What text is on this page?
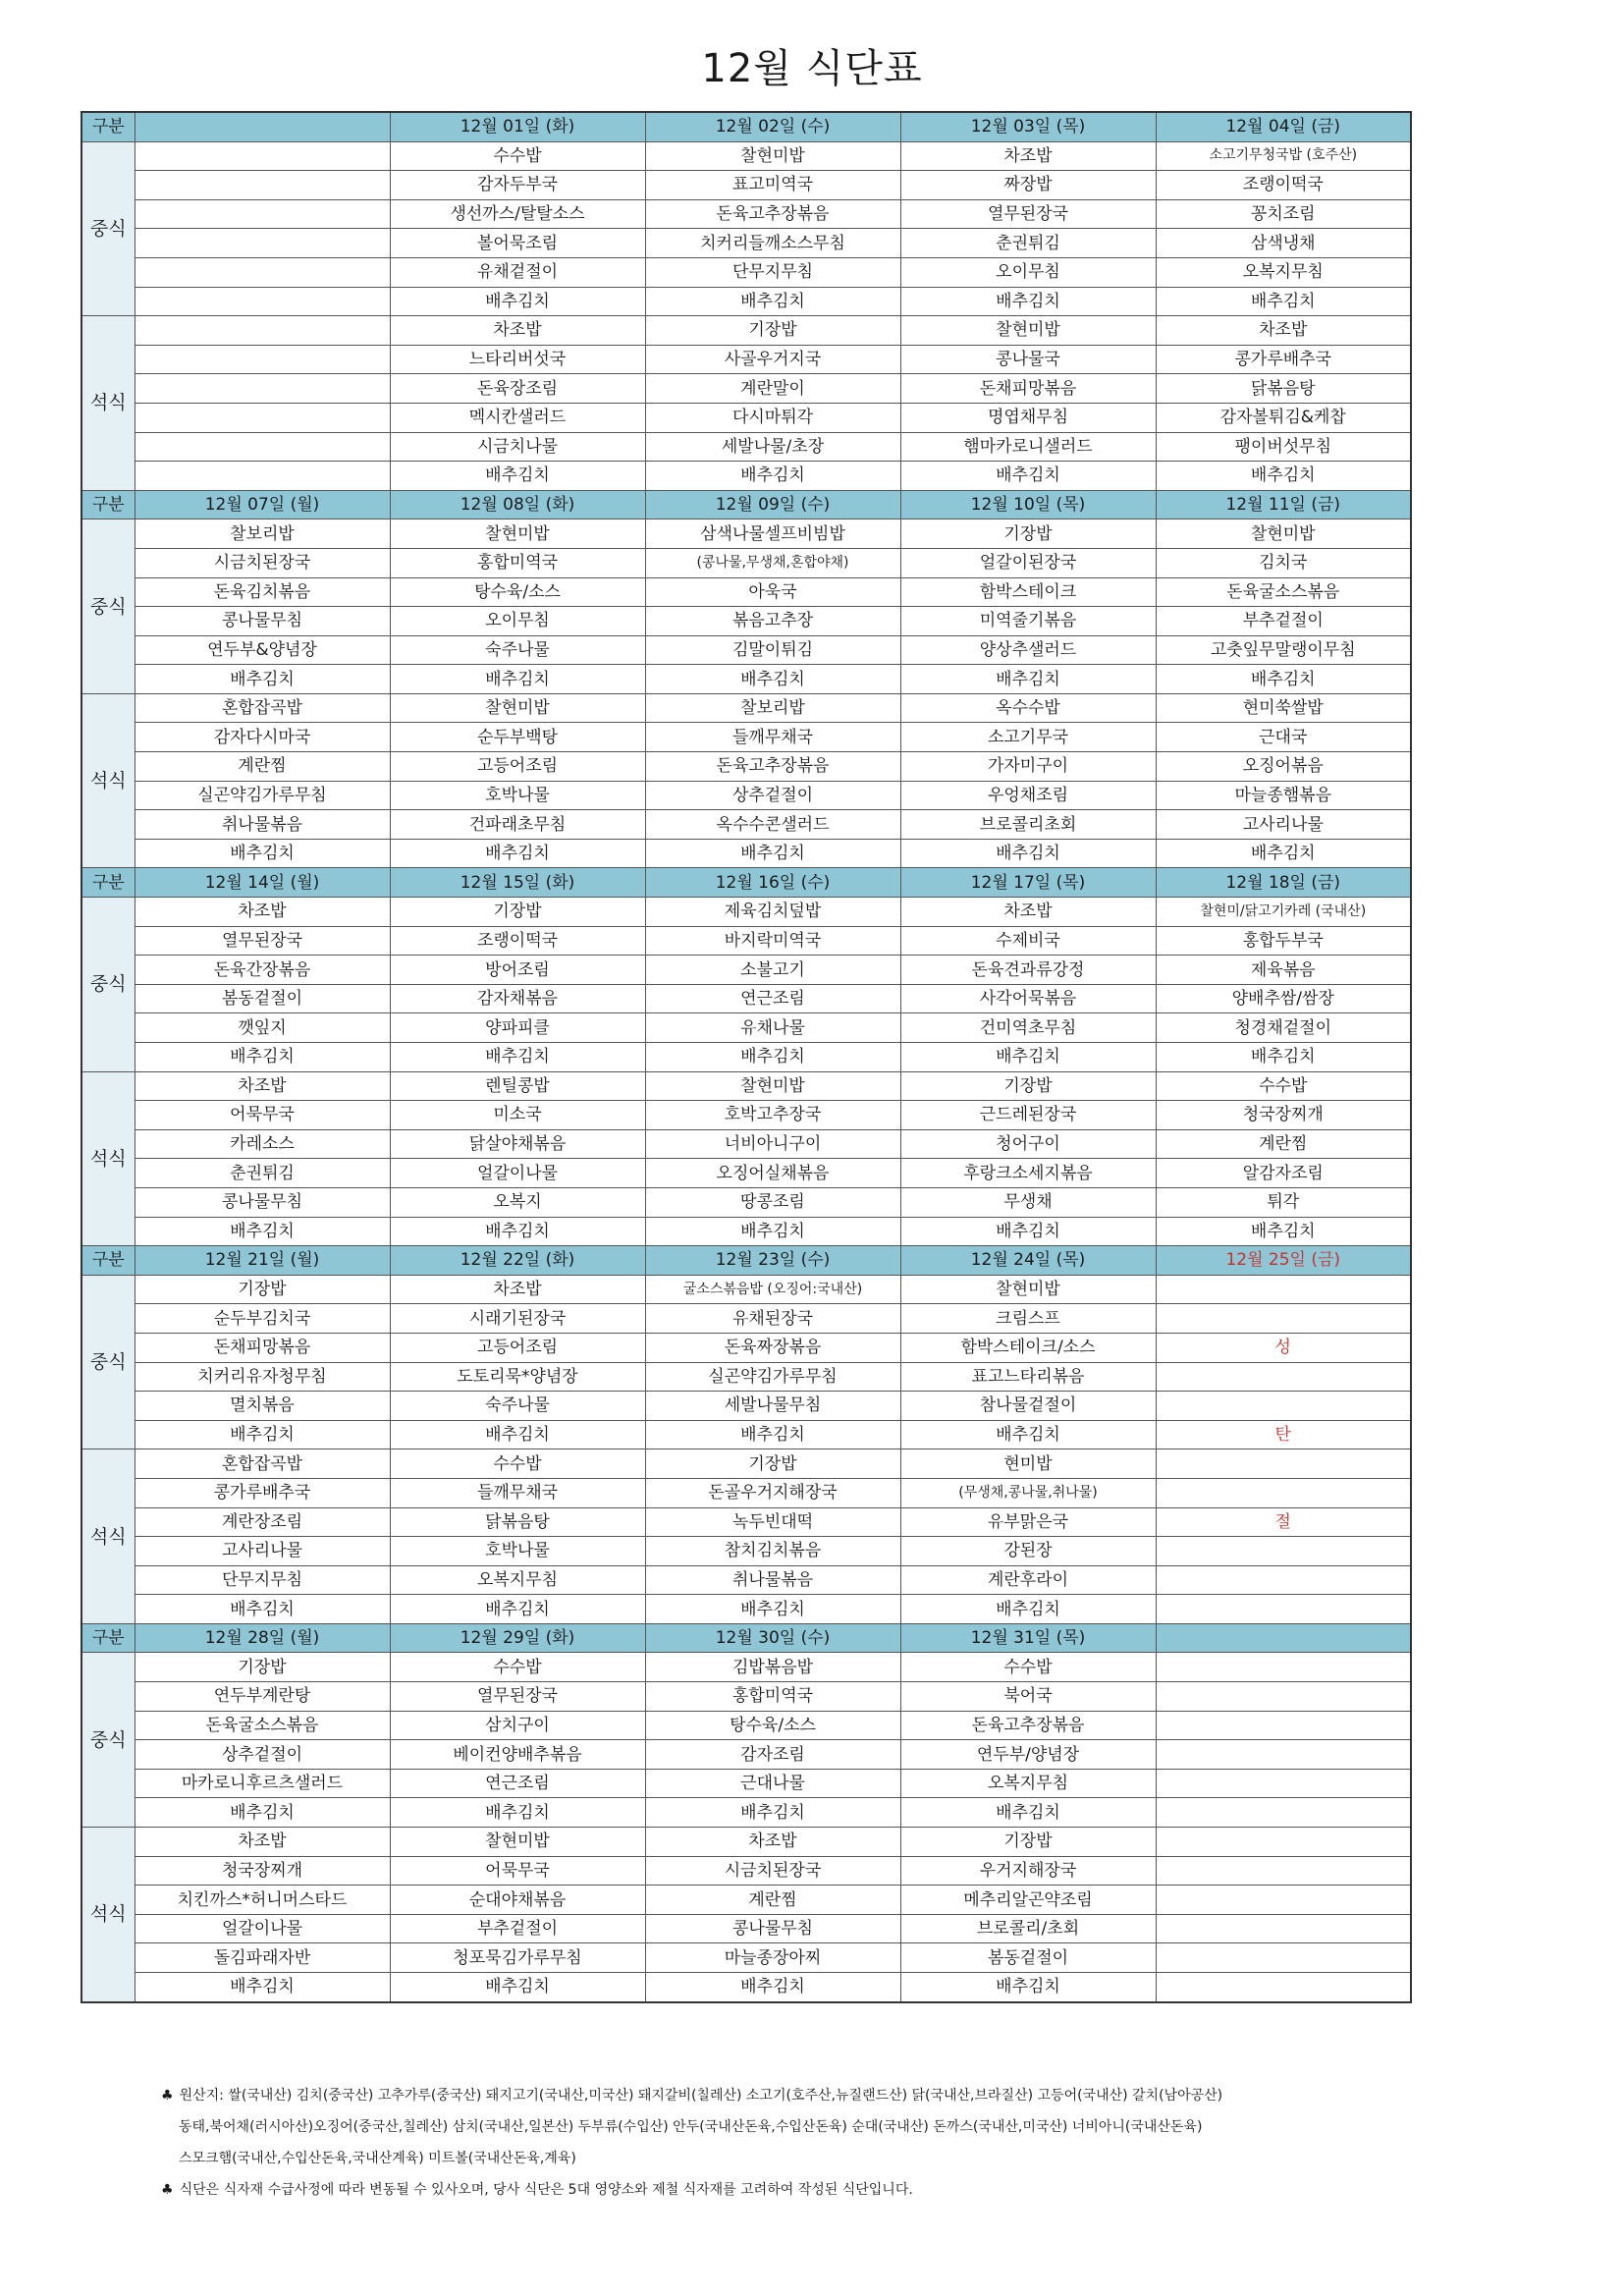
12월 식단표
구분		12월 01일 (화)	12월 02일 (수)	12월 03일 (목)	12월 04일 (금)
중식		수수밥	찰현미밥	차조밥	소고기무청국밥 (호주산)
		감자두부국	표고미역국	짜장밥	조랭이떡국
		생선까스/탈탈소스	돈육고추장볶음	열무된장국	꽁치조림
		볼어묵조림	치커리들깨소스무침	춘권튀김	삼색냉채
		유채겉절이	단무지무침	오이무침	오복지무침
		배추김치	배추김치	배추김치	배추김치
석식		차조밥	기장밥	찰현미밥	차조밥
		느타리버섯국	사골우거지국	콩나물국	콩가루배추국
		돈육장조림	계란말이	돈채피망볶음	닭볶음탕
		멕시칸샐러드	다시마튀각	명엽채무침	감자볼튀김&케찹
		시금치나물	세발나물/초장	햄마카로니샐러드	팽이버섯무침
		배추김치	배추김치	배추김치	배추김치
구분	12월 07일 (월)	12월 08일 (화)	12월 09일 (수)	12월 10일 (목)	12월 11일 (금)
중식	찰보리밥	찰현미밥	삼색나물셀프비빔밥	기장밥	찰현미밥
	시금치된장국	홍합미역국	(콩나물,무생채,혼합야채)	얼갈이된장국	김치국
	돈육김치볶음	탕수육/소스	아욱국	함박스테이크	돈육굴소스볶음
	콩나물무침	오이무침	볶음고추장	미역줄기볶음	부추겉절이
	연두부&양념장	숙주나물	김말이튀김	양상추샐러드	고춧잎무말랭이무침
	배추김치	배추김치	배추김치	배추김치	배추김치
석식	혼합잡곡밥	찰현미밥	찰보리밥	옥수수밥	현미쑥쌀밥
	감자다시마국	순두부백탕	들깨무채국	소고기무국	근대국
	계란찜	고등어조림	돈육고추장볶음	가자미구이	오징어볶음
	실곤약김가루무침	호박나물	상추겉절이	우엉채조림	마늘종햄볶음
	취나물볶음	건파래초무침	옥수수콘샐러드	브로콜리초회	고사리나물
	배추김치	배추김치	배추김치	배추김치	배추김치
구분	12월 14일 (월)	12월 15일 (화)	12월 16일 (수)	12월 17일 (목)	12월 18일 (금)
중식	차조밥	기장밥	제육김치덮밥	차조밥	찰현미/닭고기카레 (국내산)
	열무된장국	조랭이떡국	바지락미역국	수제비국	홍합두부국
	돈육간장볶음	방어조림	소불고기	돈육견과류강정	제육볶음
	봄동겉절이	감자채볶음	연근조림	사각어묵볶음	양배추쌈/쌈장
	깻잎지	양파피클	유채나물	건미역초무침	청경채겉절이
	배추김치	배추김치	배추김치	배추김치	배추김치
석식	차조밥	렌틸콩밥	찰현미밥	기장밥	수수밥
	어묵무국	미소국	호박고추장국	근드레된장국	청국장찌개
	카레소스	닭살야채볶음	너비아니구이	청어구이	계란찜
	춘권튀김	얼갈이나물	오징어실채볶음	후랑크소세지볶음	알감자조림
	콩나물무침	오복지	땅콩조림	무생채	튀각
	배추김치	배추김치	배추김치	배추김치	배추김치
구분	12월 21일 (월)	12월 22일 (화)	12월 23일 (수)	12월 24일 (목)	12월 25일 (금)
중식	기장밥	차조밥	굴소스볶음밥 (오징어:국내산)	찰현미밥	
	순두부김치국	시래기된장국	유채된장국	크림스프	
	돈채피망볶음	고등어조림	돈육짜장볶음	함박스테이크/소스	성
	치커리유자청무침	도토리묵*양념장	실곤약김가루무침	표고느타리볶음	
	멸치볶음	숙주나물	세발나물무침	참나물겉절이	
	배추김치	배추김치	배추김치	배추김치	탄
석식	혼합잡곡밥	수수밥	기장밥	현미밥	
	콩가루배추국	들깨무채국	돈골우거지해장국	(무생채,콩나물,취나물)	
	계란장조림	닭볶음탕	녹두빈대떡	유부맑은국	절
	고사리나물	호박나물	참치김치볶음	강된장	
	단무지무침	오복지무침	취나물볶음	계란후라이	
	배추김치	배추김치	배추김치	배추김치	
구분	12월 28일 (월)	12월 29일 (화)	12월 30일 (수)	12월 31일 (목)	
중식	기장밥	수수밥	김밥볶음밥	수수밥	
	연두부계란탕	열무된장국	홍합미역국	북어국	
	돈육굴소스볶음	삼치구이	탕수육/소스	돈육고추장볶음	
	상추겉절이	베이컨양배추볶음	감자조림	연두부/양념장	
	마카로니후르츠샐러드	연근조림	근대나물	오복지무침	
	배추김치	배추김치	배추김치	배추김치	
석식	차조밥	찰현미밥	차조밥	기장밥	
	청국장찌개	어묵무국	시금치된장국	우거지해장국	
	치킨까스*허니머스타드	순대야채볶음	계란찜	메추리알곤약조림	
	얼갈이나물	부추겉절이	콩나물무침	브로콜리/초회	
	돌김파래자반	청포묵김가루무침	마늘종장아찌	봄동겉절이	
	배추김치	배추김치	배추김치	배추김치	

♣ 원산지: 쌀(국내산) 김치(중국산) 고추가루(중국산) 돼지고기(국내산,미국산) 돼지갈비(칠레산) 소고기(호주산,뉴질랜드산) 닭(국내산,브라질산) 고등어(국내산) 갈치(남아공산)

동태,북어채(러시아산)오징어(중국산,칠레산) 삼치(국내산,일본산) 두부류(수입산) 안두(국내산돈육,수입산돈육) 순대(국내산) 돈까스(국내산,미국산) 너비아니(국내산돈육)

스모크햄(국내산,수입산돈육,국내산계육) 미트볼(국내산돈육,계육)

♣ 식단은 식자재 수급사정에 따라 변동될 수 있사오며, 당사 식단은 5대 영양소와 제철 식자재를 고려하여 작성된 식단입니다.
